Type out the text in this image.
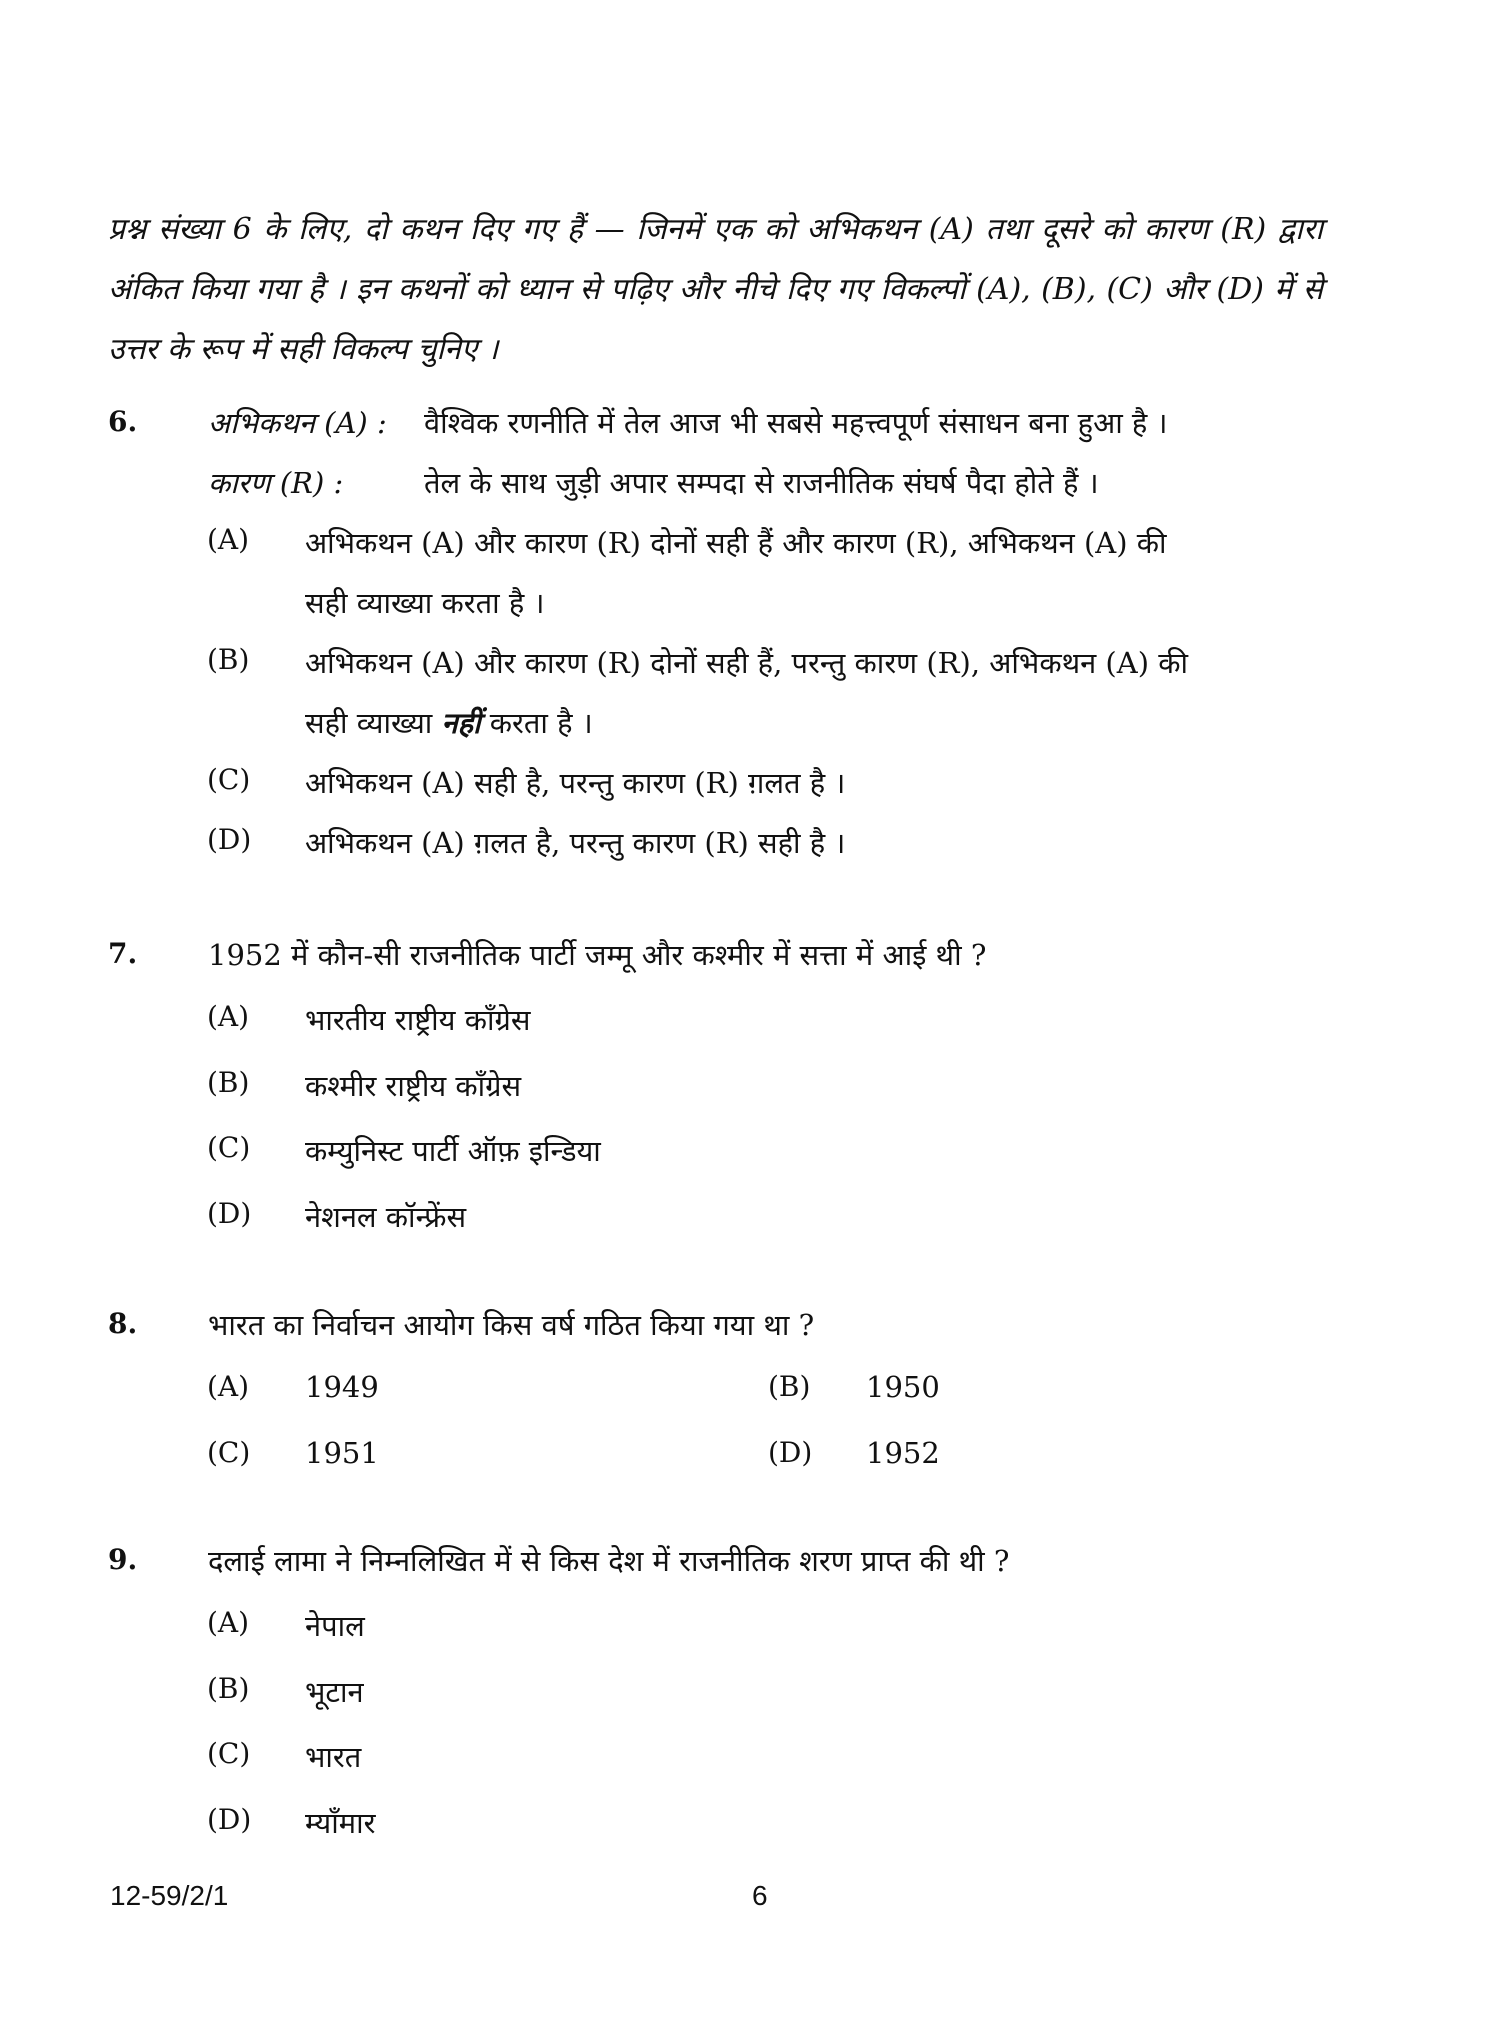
प्रश्न संख्या 6 के लिए, दो कथन दिए गए हैं — जिनमें एक को अभिकथन (A) तथा दूसरे को कारण (R) द्वारा अंकित किया गया है । इन कथनों को ध्यान से पढ़िए और नीचे दिए गए विकल्पों (A), (B), (C) और (D) में से उत्तर के रूप में सही विकल्प चुनिए ।
6. अभिकथन (A) : वैश्विक रणनीति में तेल आज भी सबसे महत्त्वपूर्ण संसाधन बना हुआ है ।
कारण (R) :	तेल के साथ जुड़ी अपार सम्पदा से राजनीतिक संघर्ष पैदा होते हैं ।
(A) अभिकथन (A) और कारण (R) दोनों सही हैं और कारण (R), अभिकथन (A) की
सही व्याख्या करता है ।
(B) अभिकथन (A) और कारण (R) दोनों सही हैं, परन्तु कारण (R), अभिकथन (A) की
सही व्याख्या नहीं करता है ।
(C) अभिकथन (A) सही है, परन्तु कारण (R) ग़लत है ।
(D) अभिकथन (A) ग़लत है, परन्तु कारण (R) सही है ।
7. 1952 में कौन-सी राजनीतिक पार्टी जम्मू और कश्मीर में सत्ता में आई थी ?
(A) भारतीय राष्ट्रीय काँग्रेस
(B) कश्मीर राष्ट्रीय काँग्रेस
(C) कम्युनिस्ट पार्टी ऑफ़ इन्डिया
(D) नेशनल कॉन्फ्रेंस
8. भारत का निर्वाचन आयोग किस वर्ष गठित किया गया था ?
(A) 1949	(B) 1950
(C) 1951	(D) 1952
9. दलाई लामा ने निम्नलिखित में से किस देश में राजनीतिक शरण प्राप्त की थी ?
(A) नेपाल
(B) भूटान
(C) भारत
(D) म्याँमार
12-59/2/1	6
